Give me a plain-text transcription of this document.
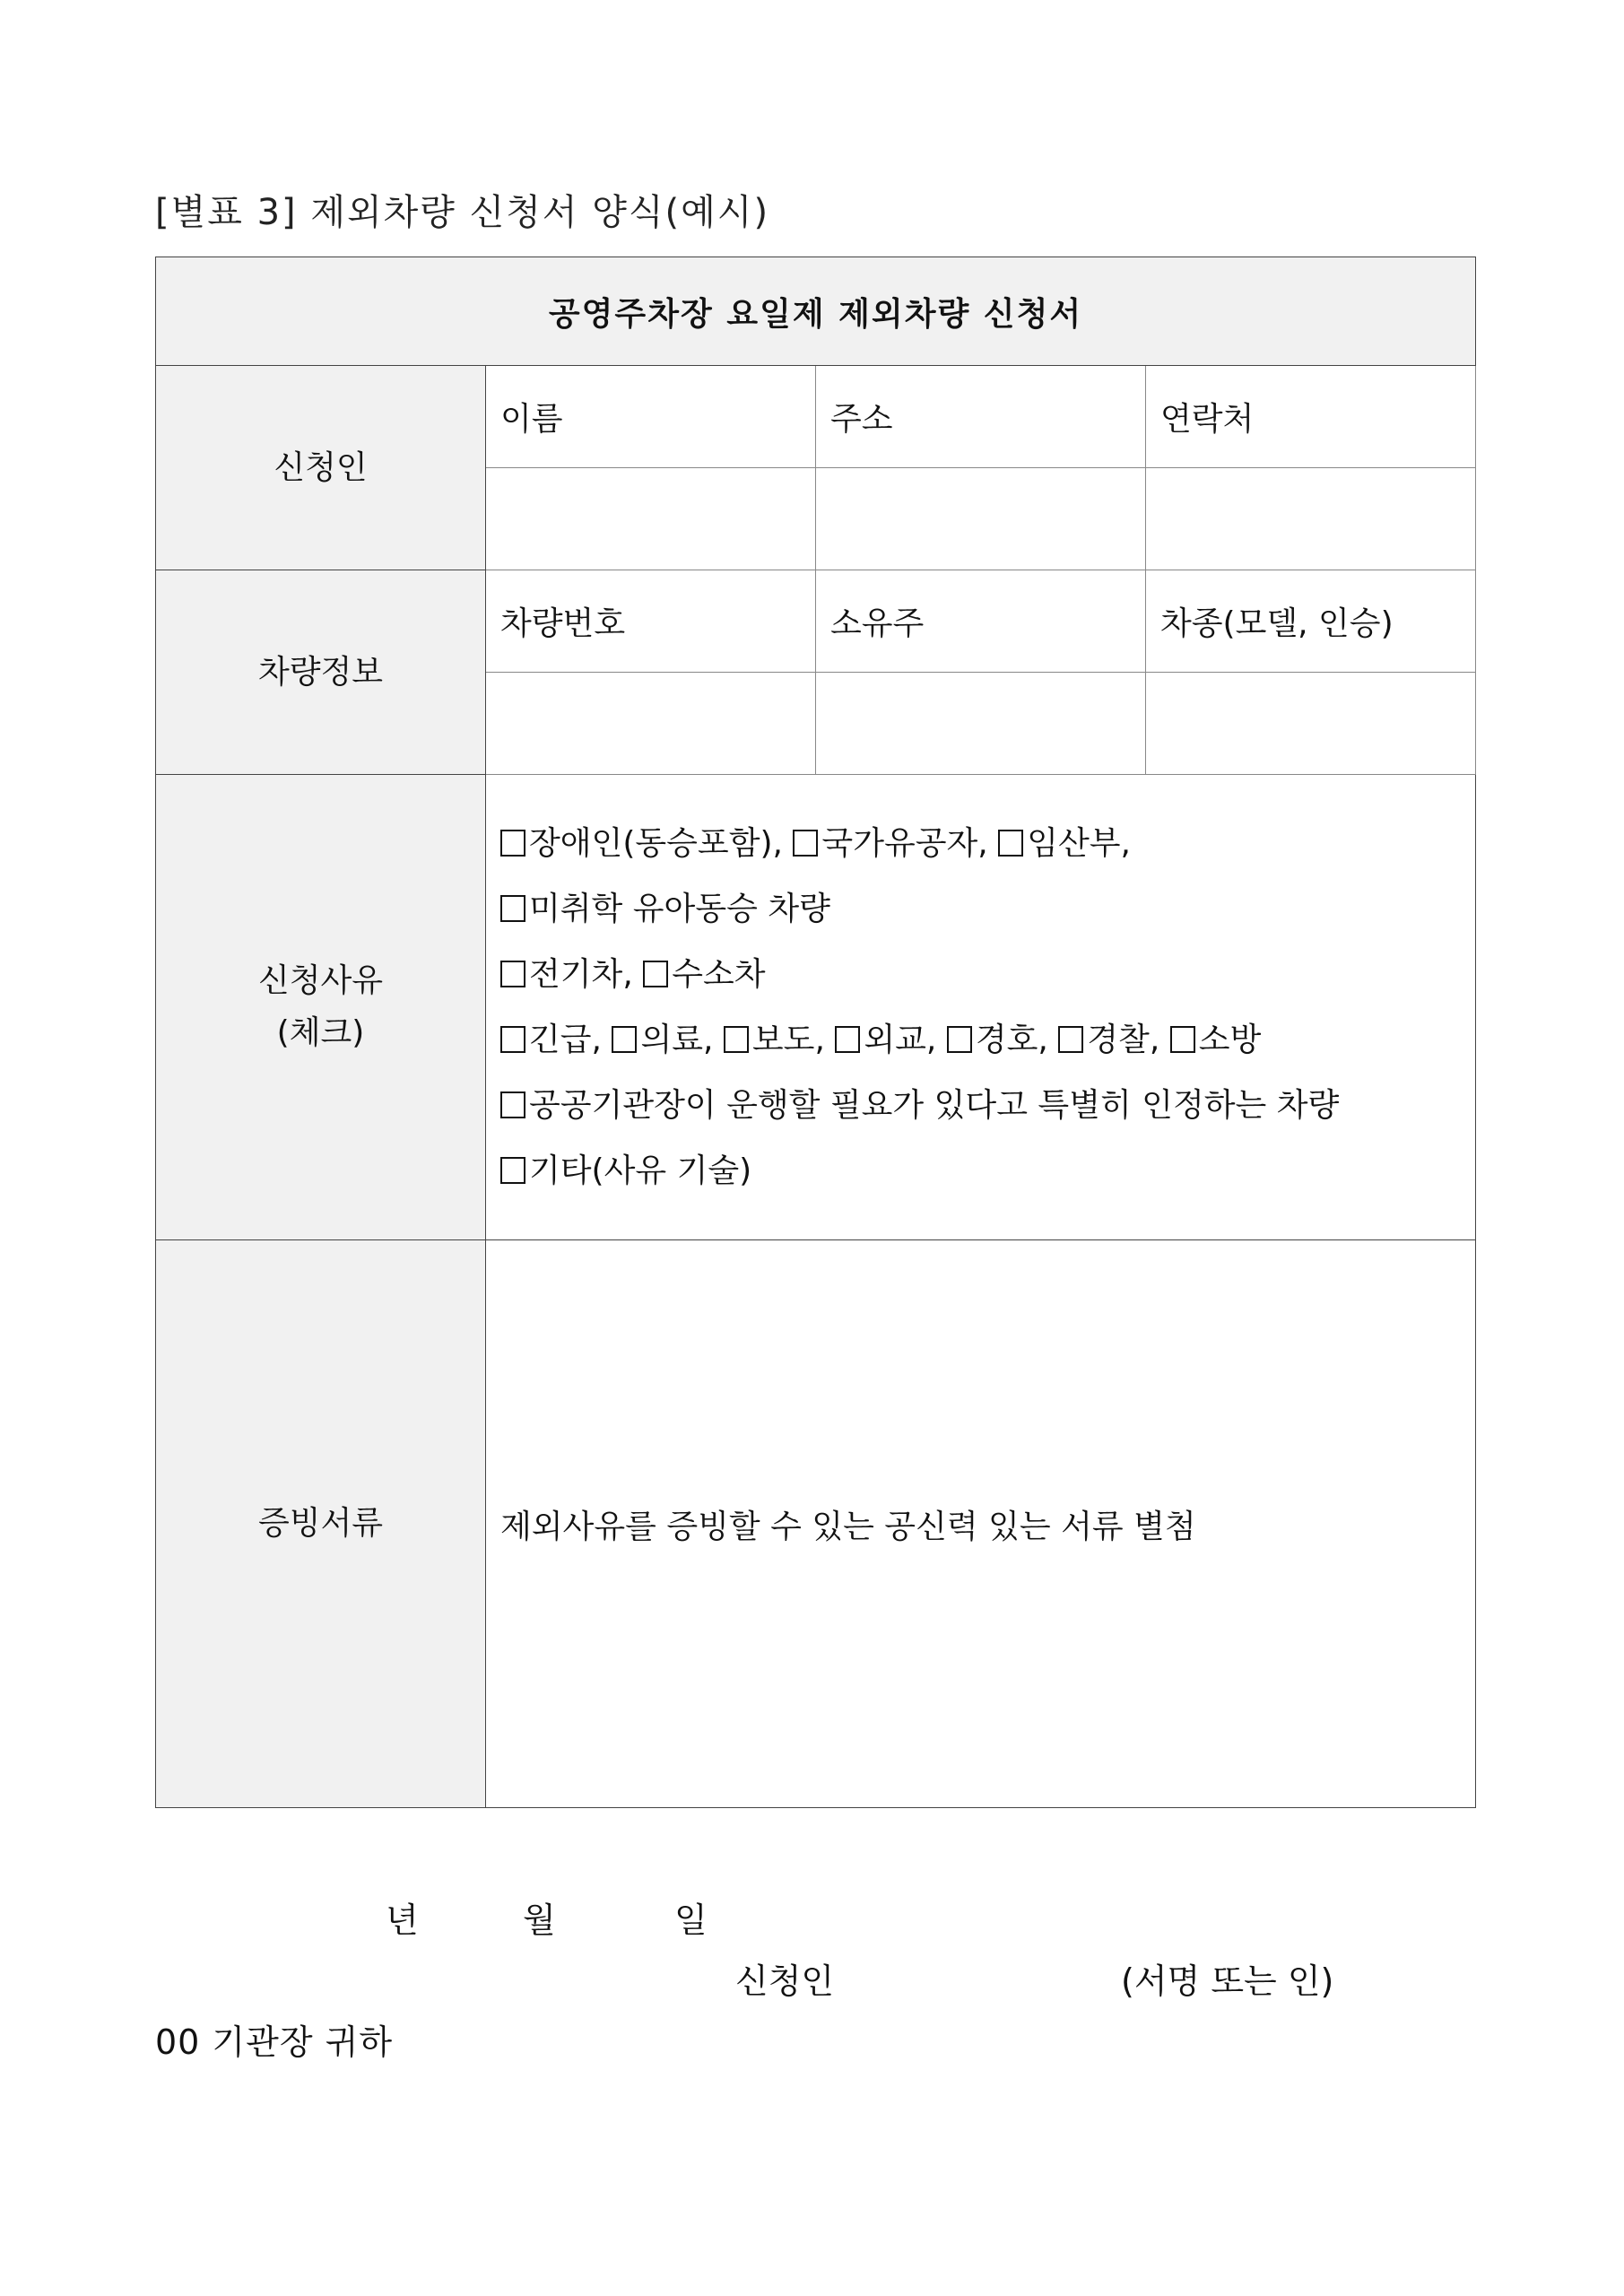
[별표 3] 제외차량 신청서 양식(예시)
공영주차장 요일제 제외차량 신청서			
신청인	이름	주소	연락처

차량정보	차량번호	소유주	차종(모델, 인승)

신청사유
(체크)

장애인(동승포함), 국가유공자, 임산부,
미취학 유아동승 차량
전기차, 수소차
긴급, 의료, 보도, 외교, 경호, 경찰, 소방
공공기관장이 운행할 필요가 있다고 특별히 인정하는 차량
기타(사유 기술)

증빙서류	제외사유를 증빙할 수 있는 공신력 있는 서류 별첨		
년	월	일
신청인	(서명 또는 인)
00 기관장 귀하
